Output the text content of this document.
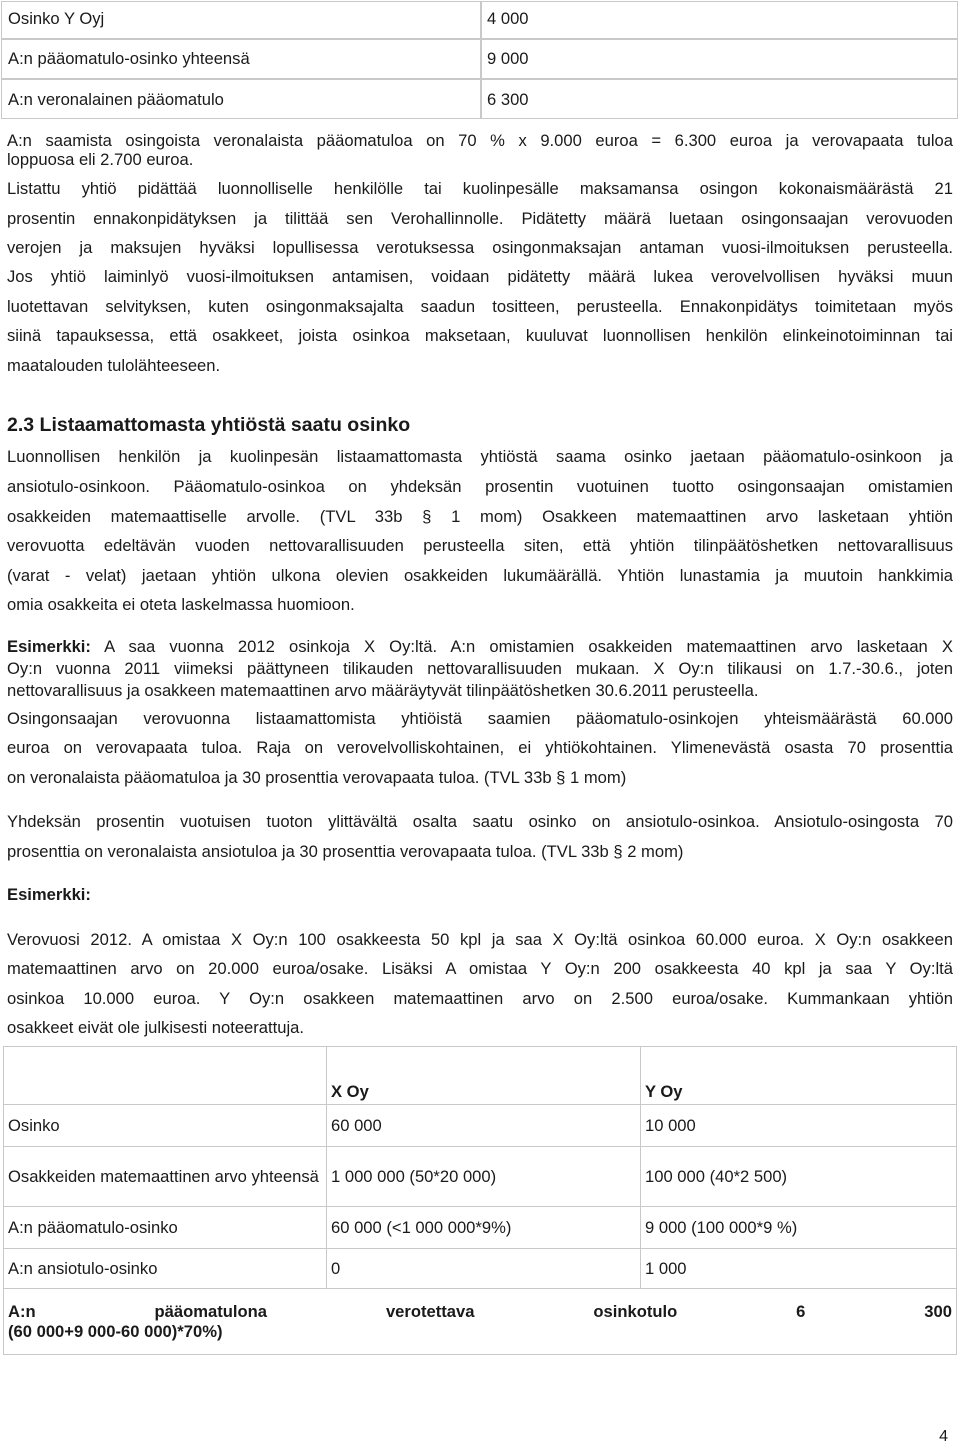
Osinko Y Oyj	4 000
A:n pääomatulo-osinko yhteensä	9 000
A:n veronalainen pääomatulo	6 300
A:n saamista osingoista veronalaista pääomatuloa on 70 % x 9.000 euroa = 6.300 euroa ja verovapaata tuloa
loppuosa eli 2.700 euroa.
Listattu yhtiö pidättää luonnolliselle henkilölle tai kuolinpesälle maksamansa osingon kokonaismäärästä 21
prosentin ennakonpidätyksen ja tilittää sen Verohallinnolle. Pidätetty määrä luetaan osingonsaajan verovuoden
verojen ja maksujen hyväksi lopullisessa verotuksessa osingonmaksajan antaman vuosi-ilmoituksen perusteella.
Jos yhtiö laiminlyö vuosi-ilmoituksen antamisen, voidaan pidätetty määrä lukea verovelvollisen hyväksi muun
luotettavan selvityksen, kuten osingonmaksajalta saadun tositteen, perusteella. Ennakonpidätys toimitetaan myös
siinä tapauksessa, että osakkeet, joista osinkoa maksetaan, kuuluvat luonnollisen henkilön elinkeinotoiminnan tai
maatalouden tulolähteeseen.
2.3 Listaamattomasta yhtiöstä saatu osinko
Luonnollisen henkilön ja kuolinpesän listaamattomasta yhtiöstä saama osinko jaetaan pääomatulo-osinkoon ja
ansiotulo-osinkoon. Pääomatulo-osinkoa on yhdeksän prosentin vuotuinen tuotto osingonsaajan omistamien
osakkeiden matemaattiselle arvolle. (TVL 33b § 1 mom) Osakkeen matemaattinen arvo lasketaan yhtiön
verovuotta edeltävän vuoden nettovarallisuuden perusteella siten, että yhtiön tilinpäätöshetken nettovarallisuus
(varat - velat) jaetaan yhtiön ulkona olevien osakkeiden lukumäärällä. Yhtiön lunastamia ja muutoin hankkimia
omia osakkeita ei oteta laskelmassa huomioon.
Esimerkki: A saa vuonna 2012 osinkoja X Oy:ltä. A:n omistamien osakkeiden matemaattinen arvo lasketaan X
Oy:n vuonna 2011 viimeksi päättyneen tilikauden nettovarallisuuden mukaan. X Oy:n tilikausi on 1.7.-30.6., joten
nettovarallisuus ja osakkeen matemaattinen arvo määräytyvät tilinpäätöshetken 30.6.2011 perusteella.
Osingonsaajan verovuonna listaamattomista yhtiöistä saamien pääomatulo-osinkojen yhteismäärästä 60.000
euroa on verovapaata tuloa. Raja on verovelvolliskohtainen, ei yhtiökohtainen. Ylimenevästä osasta 70 prosenttia
on veronalaista pääomatuloa ja 30 prosenttia verovapaata tuloa. (TVL 33b § 1 mom)
Yhdeksän prosentin vuotuisen tuoton ylittävältä osalta saatu osinko on ansiotulo-osinkoa. Ansiotulo-osingosta 70
prosenttia on veronalaista ansiotuloa ja 30 prosenttia verovapaata tuloa. (TVL 33b § 2 mom)
Esimerkki:
Verovuosi 2012. A omistaa X Oy:n 100 osakkeesta 50 kpl ja saa X Oy:ltä osinkoa 60.000 euroa. X Oy:n osakkeen
matemaattinen arvo on 20.000 euroa/osake. Lisäksi A omistaa Y Oy:n 200 osakkeesta 40 kpl ja saa Y Oy:ltä
osinkoa 10.000 euroa. Y Oy:n osakkeen matemaattinen arvo on 2.500 euroa/osake. Kummankaan yhtiön
osakkeet eivät ole julkisesti noteerattuja.
	X Oy	Y Oy
Osinko	60 000	10 000
Osakkeiden matemaattinen arvo yhteensä	1 000 000 (50*20 000)	100 000 (40*2 500)
A:n pääomatulo-osinko	60 000 (<1 000 000*9%)	9 000 (100 000*9 %)
A:n ansiotulo-osinko	0	1 000

A:n pääomatulona verotettava osinkotulo 6 300
(60 000+9 000-60 000)*70%)		
4
